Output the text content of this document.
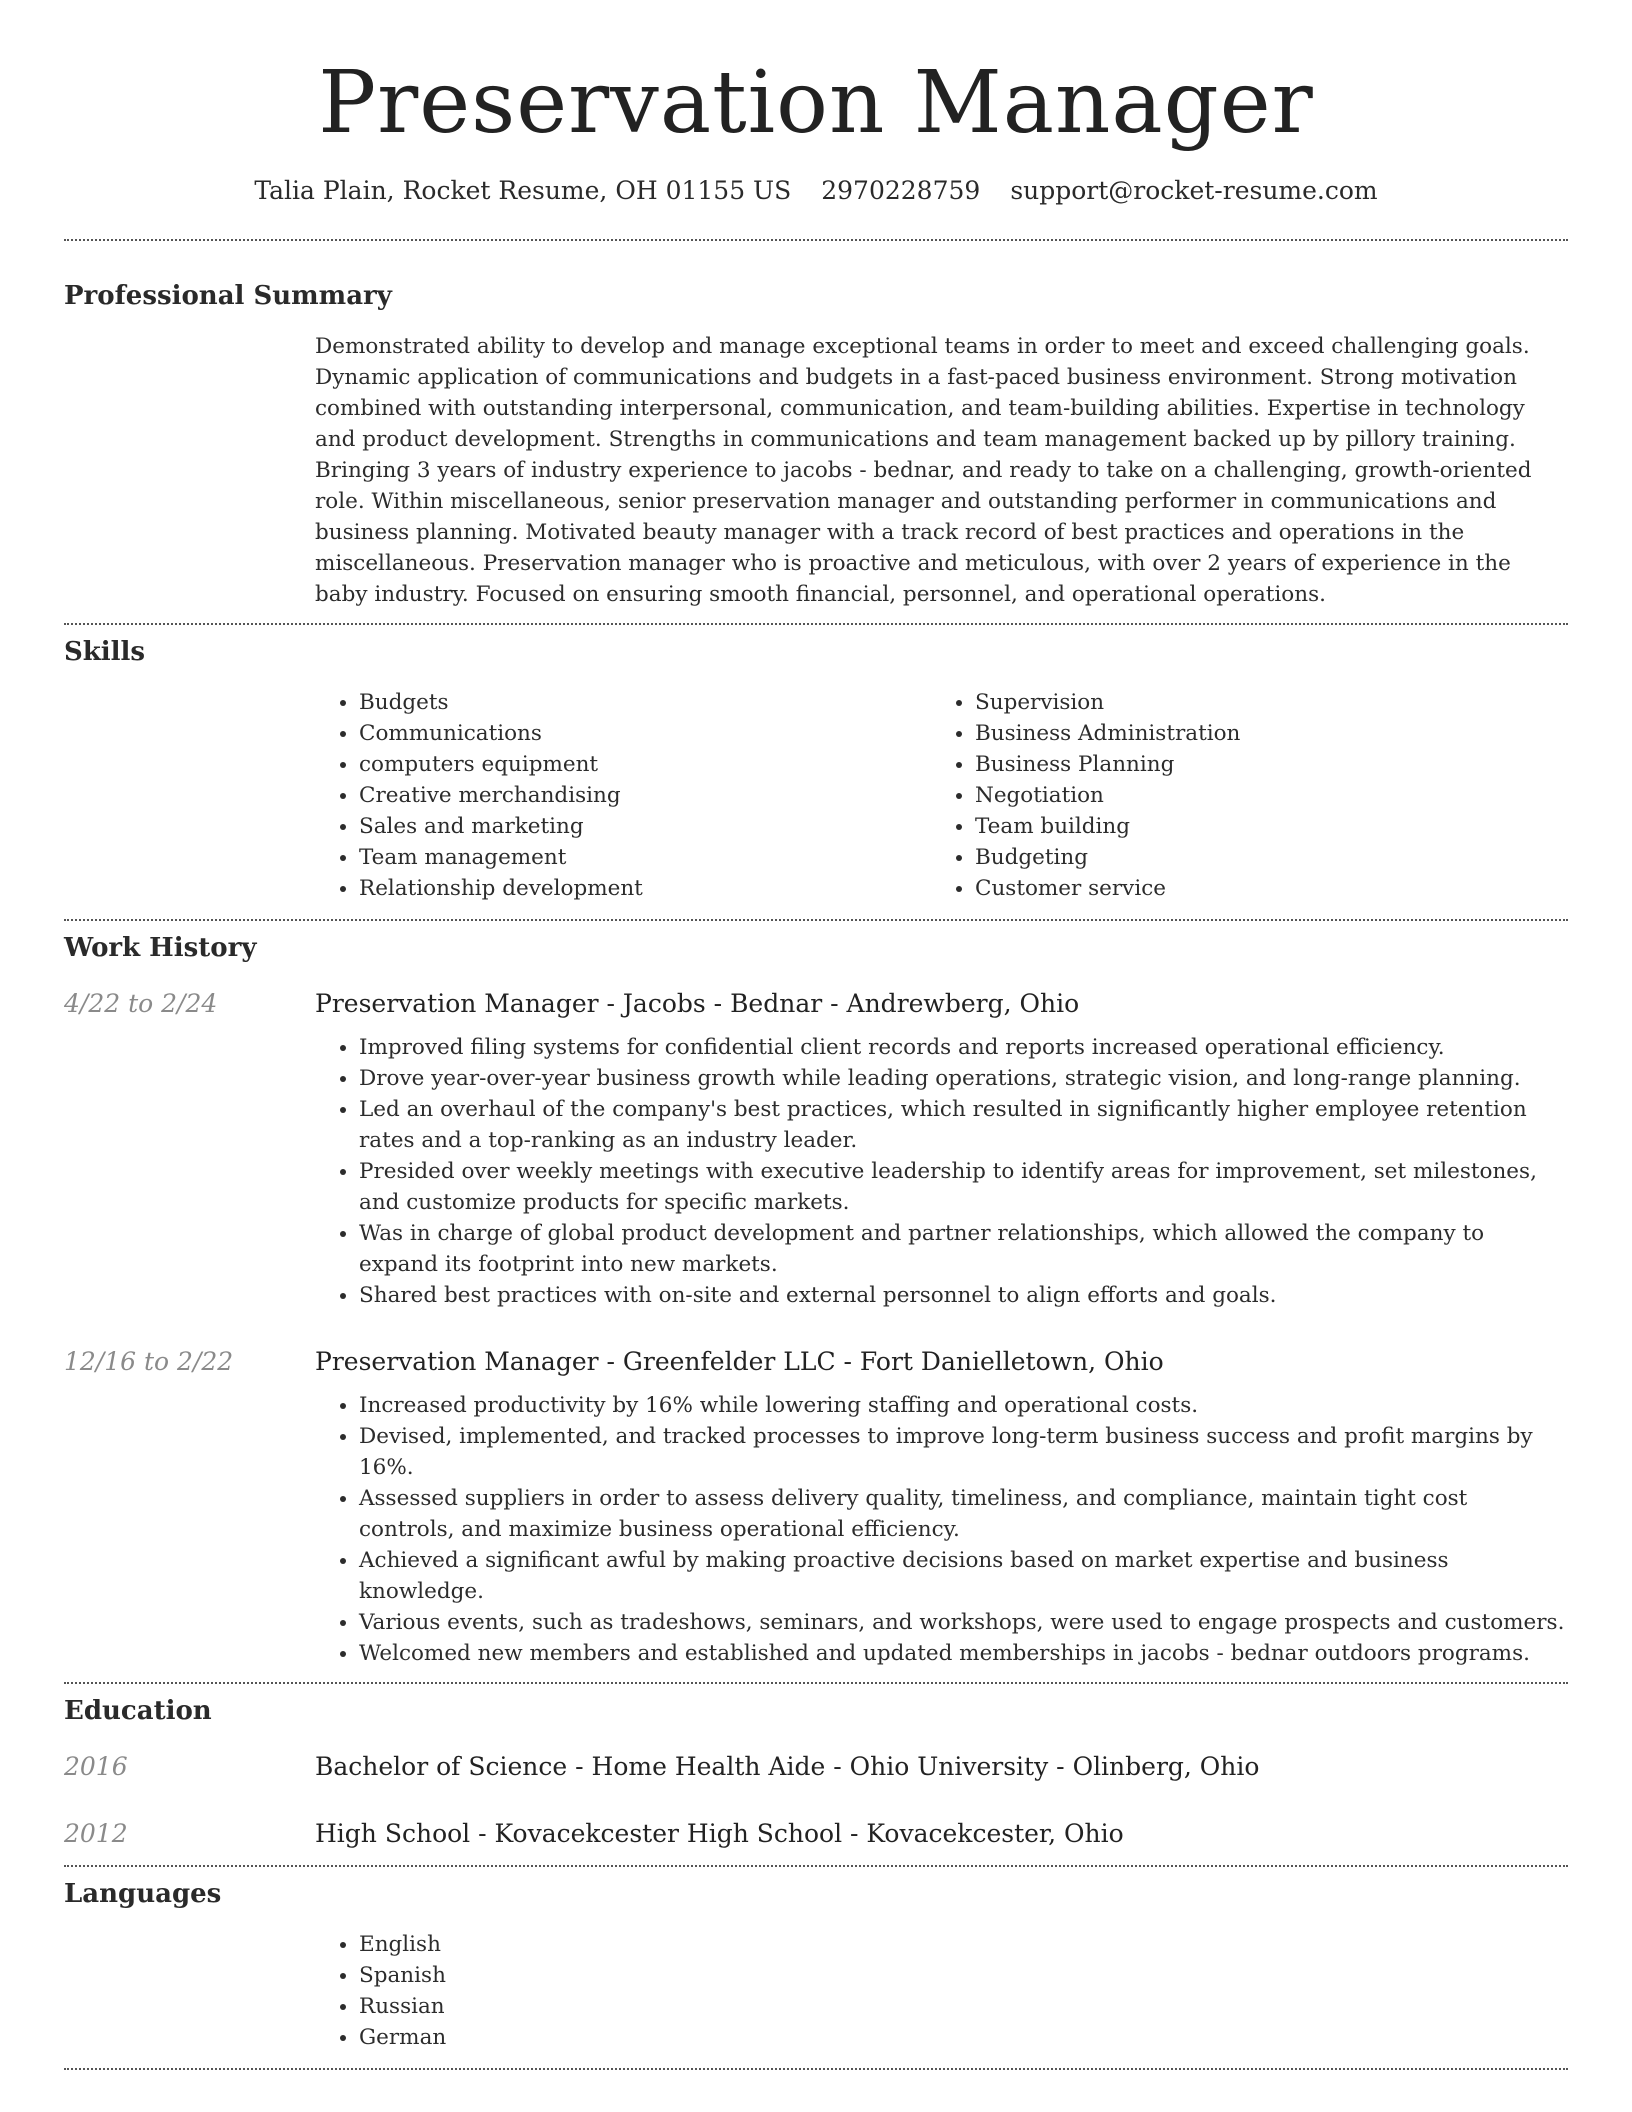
Preservation Manager
Talia Plain, Rocket Resume, OH 01155 US 2970228759 support@rocket-resume.com
Professional Summary
Demonstrated ability to develop and manage exceptional teams in order to meet and exceed challenging goals. Dynamic application of communications and budgets in a fast-paced business environment. Strong motivation combined with outstanding interpersonal, communication, and team-building abilities. Expertise in technology and product development. Strengths in communications and team management backed up by pillory training. Bringing 3 years of industry experience to jacobs - bednar, and ready to take on a challenging, growth-oriented role. Within miscellaneous, senior preservation manager and outstanding performer in communications and business planning. Motivated beauty manager with a track record of best practices and operations in the miscellaneous. Preservation manager who is proactive and meticulous, with over 2 years of experience in the baby industry. Focused on ensuring smooth financial, personnel, and operational operations.
Skills
• Budgets
• Communications
• computers equipment
• Creative merchandising
• Sales and marketing
• Team management
• Relationship development
• Supervision
• Business Administration
• Business Planning
• Negotiation
• Team building
• Budgeting
• Customer service
Work History
4/22 to 2/24	Preservation Manager - Jacobs - Bednar - Andrewberg, Ohio
• Improved filing systems for confidential client records and reports increased operational efficiency.
• Drove year-over-year business growth while leading operations, strategic vision, and long-range planning.
• Led an overhaul of the company's best practices, which resulted in significantly higher employee retention rates and a top-ranking as an industry leader.
• Presided over weekly meetings with executive leadership to identify areas for improvement, set milestones, and customize products for specific markets.
• Was in charge of global product development and partner relationships, which allowed the company to expand its footprint into new markets.
• Shared best practices with on-site and external personnel to align efforts and goals.
12/16 to 2/22	Preservation Manager - Greenfelder LLC - Fort Danielletown, Ohio
• Increased productivity by 16% while lowering staffing and operational costs.
• Devised, implemented, and tracked processes to improve long-term business success and profit margins by 16%.
• Assessed suppliers in order to assess delivery quality, timeliness, and compliance, maintain tight cost controls, and maximize business operational efficiency.
• Achieved a significant awful by making proactive decisions based on market expertise and business knowledge.
• Various events, such as tradeshows, seminars, and workshops, were used to engage prospects and customers.
• Welcomed new members and established and updated memberships in jacobs - bednar outdoors programs.
Education
2016	Bachelor of Science - Home Health Aide - Ohio University - Olinberg, Ohio
2012	High School - Kovacekcester High School - Kovacekcester, Ohio
Languages
• English
• Spanish
• Russian
• German
